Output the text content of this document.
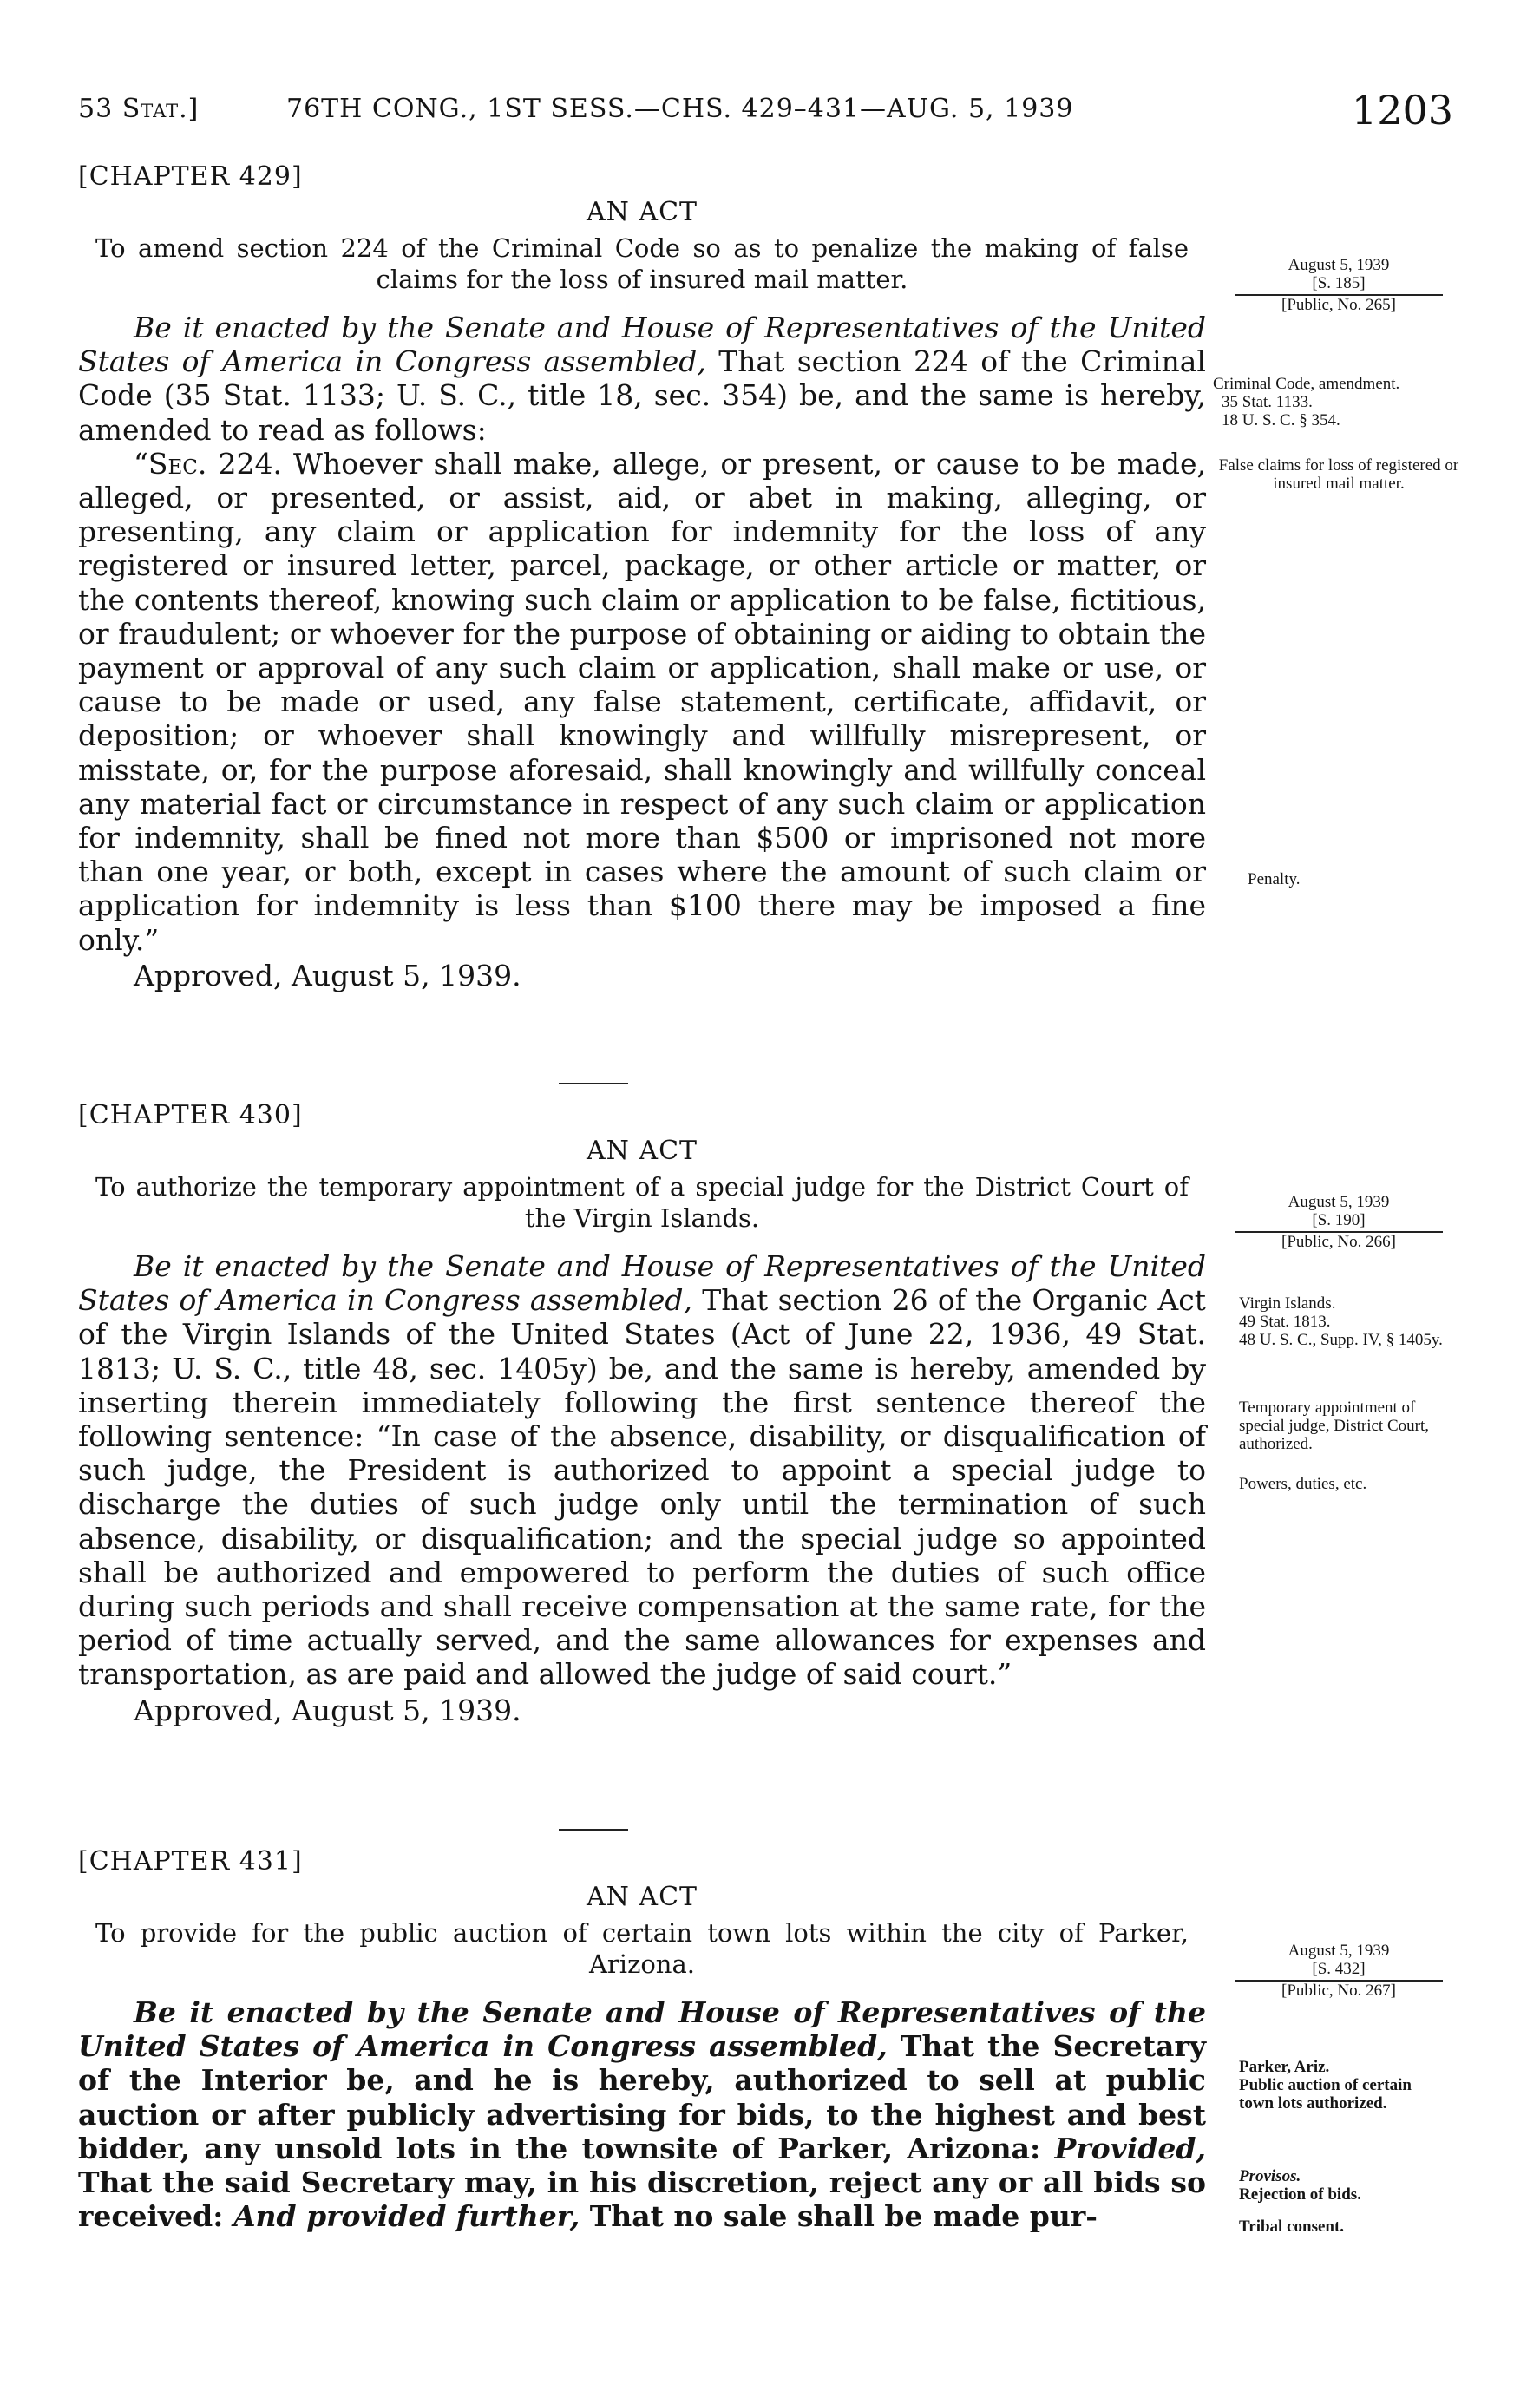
53 Stat.]	76TH CONG., 1ST SESS.—CHS. 429–431—AUG. 5, 1939	1203
[CHAPTER 429]
AN ACT
To amend section 224 of the Criminal Code so as to penalize the making of false claims for the loss of insured mail matter.

Be it enacted by the Senate and House of Representatives of the United States of America in Congress assembled, That section 224 of the Criminal Code (35 Stat. 1133; U. S. C., title 18, sec. 354) be, and the same is hereby, amended to read as follows:

“Sec. 224. Whoever shall make, allege, or present, or cause to be made, alleged, or presented, or assist, aid, or abet in making, alleging, or presenting, any claim or application for indemnity for the loss of any registered or insured letter, parcel, package, or other article or matter, or the contents thereof, knowing such claim or application to be false, fictitious, or fraudulent; or whoever for the purpose of obtaining or aiding to obtain the payment or approval of any such claim or application, shall make or use, or cause to be made or used, any false statement, certificate, affidavit, or deposition; or whoever shall knowingly and willfully misrepresent, or misstate, or, for the purpose aforesaid, shall knowingly and willfully conceal any material fact or circumstance in respect of any such claim or application for indemnity, shall be fined not more than $500 or imprisoned not more than one year, or both, except in cases where the amount of such claim or application for indemnity is less than $100 there may be imposed a fine only.”

Approved, August 5, 1939.
August 5, 1939
[S. 185]
[Public, No. 265]
Criminal Code, amendment.
35 Stat. 1133.
18 U. S. C. § 354.
False claims for loss of registered or insured mail matter.
Penalty.
[CHAPTER 430]
AN ACT
To authorize the temporary appointment of a special judge for the District Court of the Virgin Islands.

Be it enacted by the Senate and House of Representatives of the United States of America in Congress assembled, That section 26 of the Organic Act of the Virgin Islands of the United States (Act of June 22, 1936, 49 Stat. 1813; U. S. C., title 48, sec. 1405y) be, and the same is hereby, amended by inserting therein immediately following the first sentence thereof the following sentence: “In case of the absence, disability, or disqualification of such judge, the President is authorized to appoint a special judge to discharge the duties of such judge only until the termination of such absence, disability, or disqualification; and the special judge so appointed shall be authorized and empowered to perform the duties of such office during such periods and shall receive compensation at the same rate, for the period of time actually served, and the same allowances for expenses and transportation, as are paid and allowed the judge of said court.”

Approved, August 5, 1939.
August 5, 1939
[S. 190]
[Public, No. 266]
Virgin Islands.
49 Stat. 1813.
48 U. S. C., Supp. IV, § 1405y.
Temporary appointment of special judge, District Court, authorized.
Powers, duties, etc.
[CHAPTER 431]
AN ACT
To provide for the public auction of certain town lots within the city of Parker, Arizona.

Be it enacted by the Senate and House of Representatives of the United States of America in Congress assembled, That the Secretary of the Interior be, and he is hereby, authorized to sell at public auction or after publicly advertising for bids, to the highest and best bidder, any unsold lots in the townsite of Parker, Arizona: Provided, That the said Secretary may, in his discretion, reject any or all bids so received: And provided further, That no sale shall be made pur-

August 5, 1939
[S. 432]
[Public, No. 267]
Parker, Ariz.
Public auction of certain town lots authorized.
Provisos.
Rejection of bids.
Tribal consent.
